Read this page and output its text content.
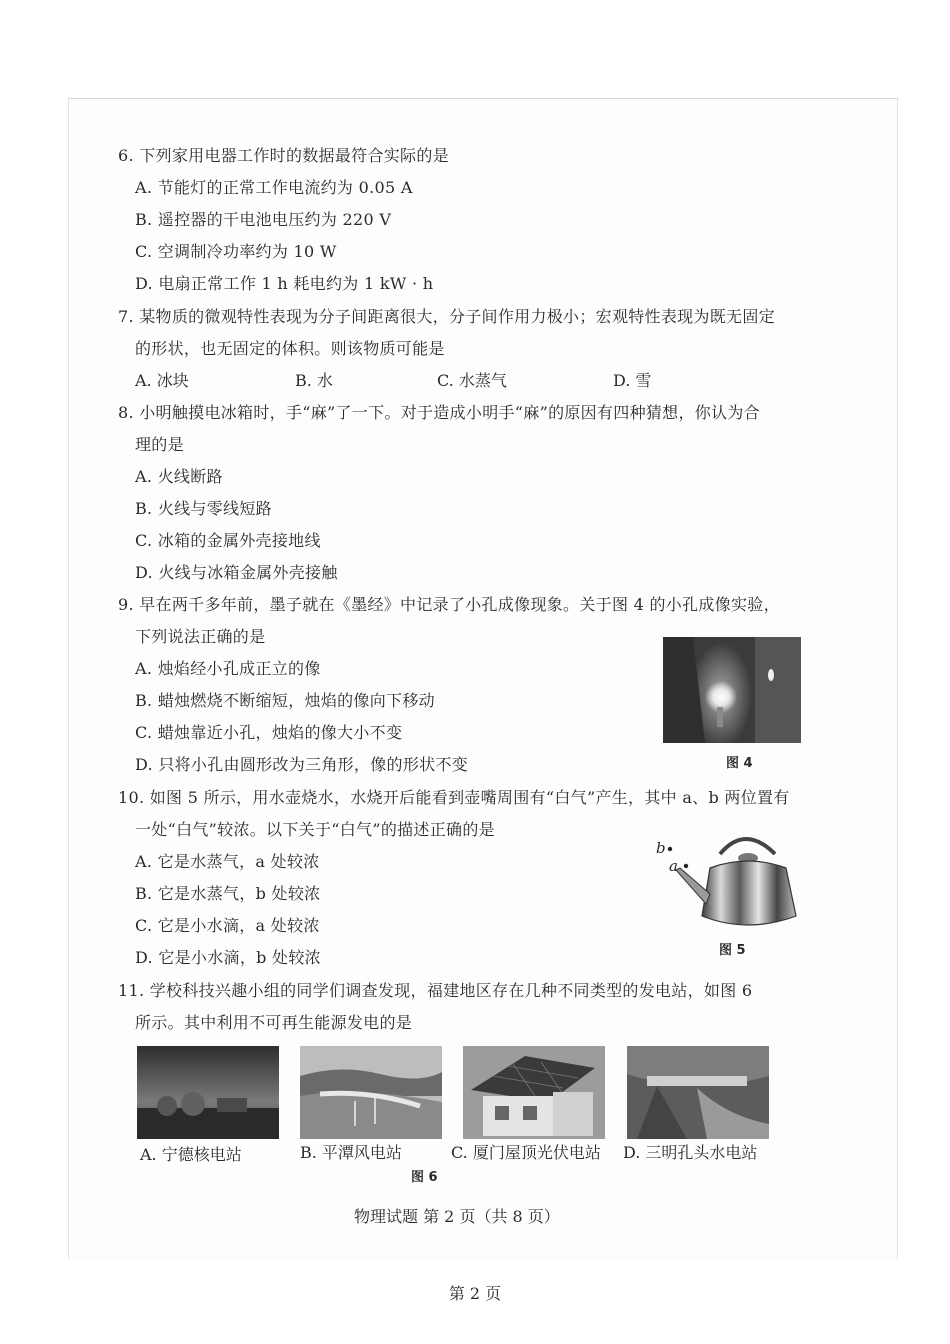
6. 下列家用电器工作时的数据最符合实际的是
A. 节能灯的正常工作电流约为 0.05 A
B. 遥控器的干电池电压约为 220 V
C. 空调制冷功率约为 10 W
D. 电扇正常工作 1 h 耗电约为 1 kW · h
7. 某物质的微观特性表现为分子间距离很大，分子间作用力极小；宏观特性表现为既无固定
的形状，也无固定的体积。则该物质可能是
A. 冰块	B. 水	C. 水蒸气	D. 雪
8. 小明触摸电冰箱时，手“麻”了一下。对于造成小明手“麻”的原因有四种猜想，你认为合
理的是
A. 火线断路
B. 火线与零线短路
C. 冰箱的金属外壳接地线
D. 火线与冰箱金属外壳接触
9. 早在两千多年前，墨子就在《墨经》中记录了小孔成像现象。关于图 4 的小孔成像实验，
下列说法正确的是
A. 烛焰经小孔成正立的像
B. 蜡烛燃烧不断缩短，烛焰的像向下移动
C. 蜡烛靠近小孔，烛焰的像大小不变
D. 只将小孔由圆形改为三角形，像的形状不变	图 4
10. 如图 5 所示，用水壶烧水，水烧开后能看到壶嘴周围有“白气”产生，其中 a、b 两位置有
一处“白气”较浓。以下关于“白气”的描述正确的是
A. 它是水蒸气，a 处较浓
B. 它是水蒸气，b 处较浓
C. 它是小水滴，a 处较浓
D. 它是小水滴，b 处较浓
b
a
图 5
11. 学校科技兴趣小组的同学们调查发现，福建地区存在几种不同类型的发电站，如图 6
所示。其中利用不可再生能源发电的是
A. 宁德核电站	B. 平潭风电站	C. 厦门屋顶光伏电站 D. 三明孔头水电站
图 6
物理试题 第 2 页（共 8 页）
第 2 页
